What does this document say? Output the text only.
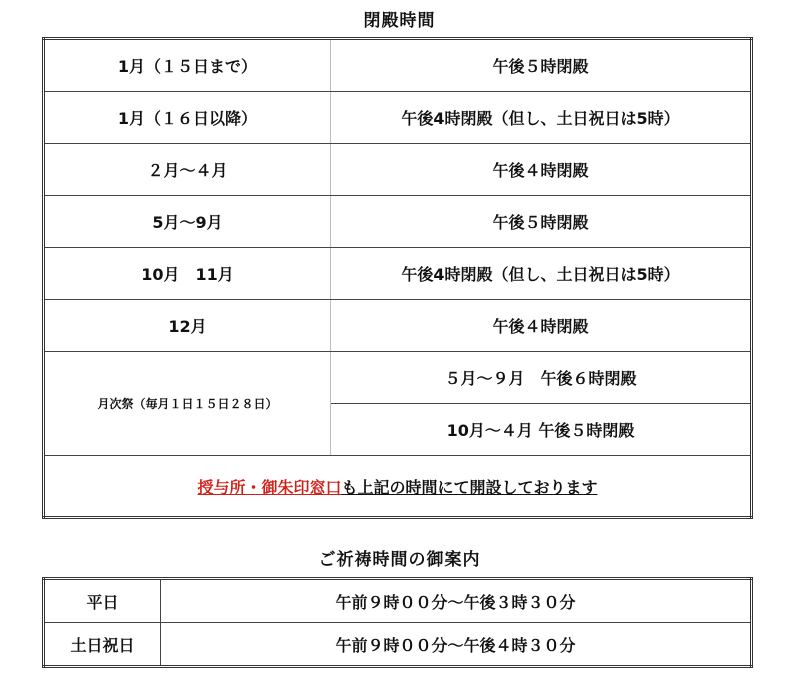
閉殿時間
1月（１５日まで）	午後５時閉殿
1月（１６日以降）	午後4時閉殿（但し、土日祝日は5時）
２月～４月	午後４時閉殿
5月～9月	午後５時閉殿
10月　11月	午後4時閉殿（但し、土日祝日は5時）
12月	午後４時閉殿
月次祭（毎月１日１５日２８日）	５月～９月　午後６時閉殿
	10月～４月 午後５時閉殿
授与所・御朱印窓口も上記の時間にて開設しております	
ご祈祷時間の御案内
平日	午前９時００分～午後３時３０分
土日祝日	午前９時００分～午後４時３０分
